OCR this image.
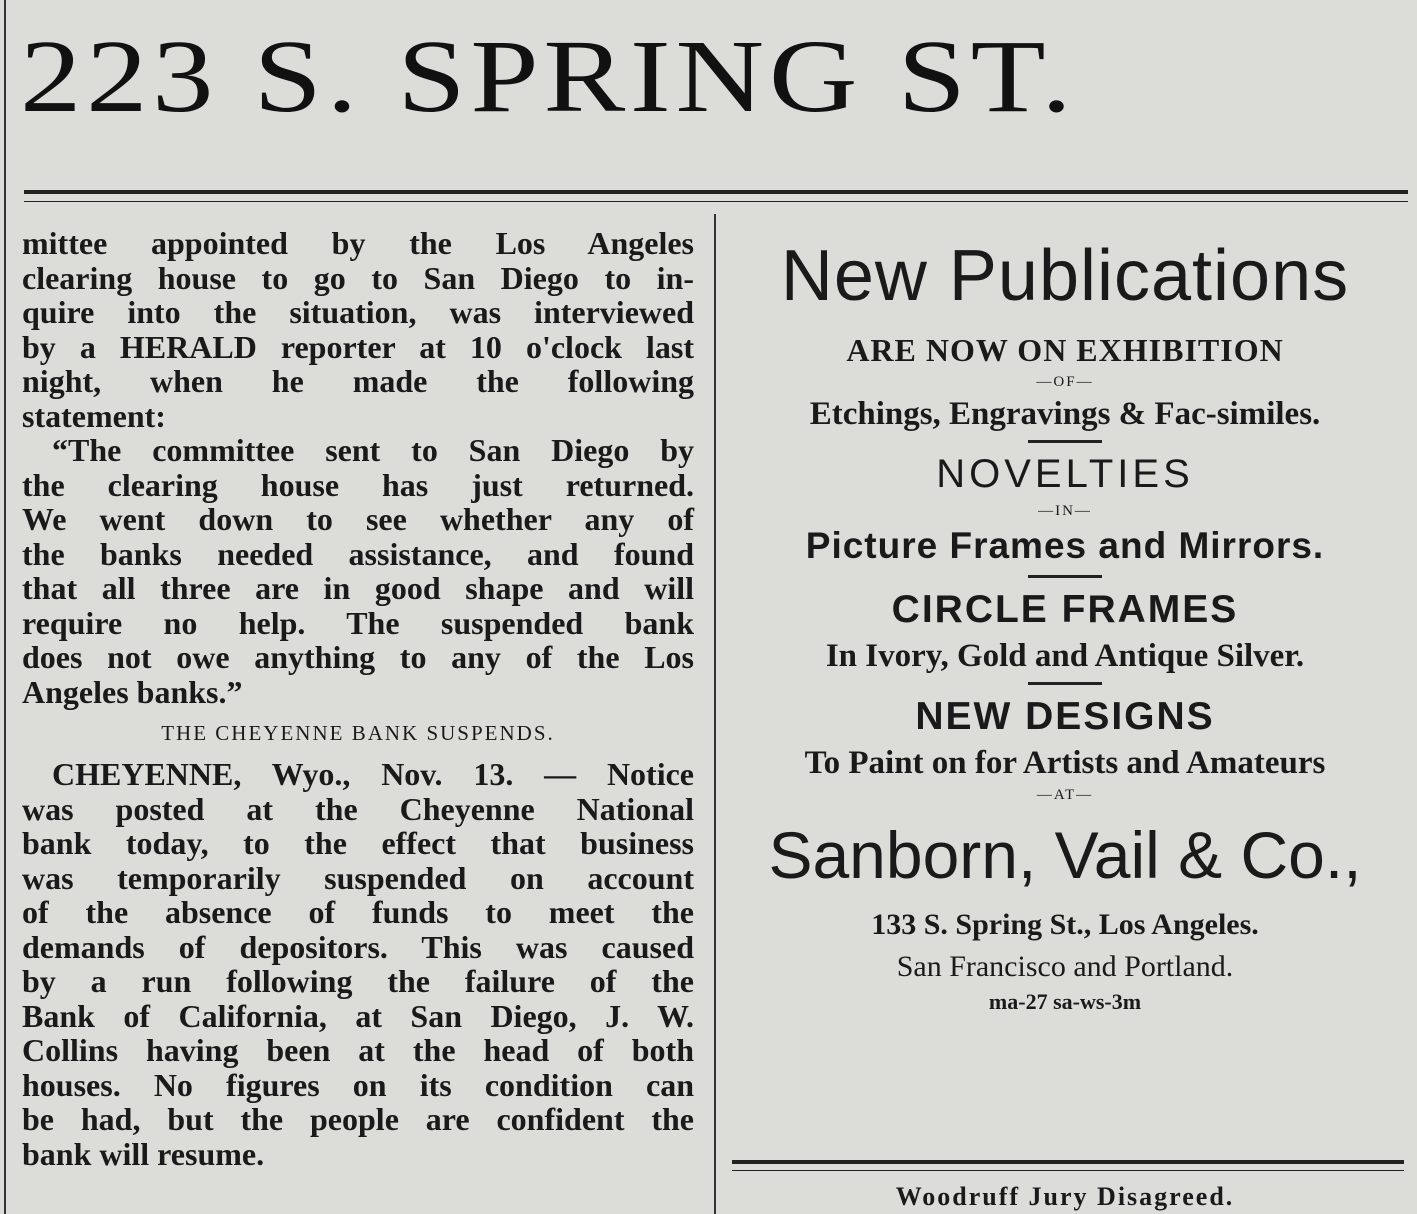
223 S. SPRING ST.
mittee appointed by the Los Angeles
clearing house to go to San Diego to in-
quire into the situation, was interviewed
by a HERALD reporter at 10 o'clock last
night, when he made the following
statement:
“The committee sent to San Diego by
the clearing house has just returned.
We went down to see whether any of
the banks needed assistance, and found
that all three are in good shape and will
require no help. The suspended bank
does not owe anything to any of the Los
Angeles banks.”
THE CHEYENNE BANK SUSPENDS.
CHEYENNE, Wyo., Nov. 13. — Notice
was posted at the Cheyenne National
bank today, to the effect that business
was temporarily suspended on account
of the absence of funds to meet the
demands of depositors. This was caused
by a run following the failure of the
Bank of California, at San Diego, J. W.
Collins having been at the head of both
houses. No figures on its condition can
be had, but the people are confident the
bank will resume.
New Publications
ARE NOW ON EXHIBITION
—OF—
Etchings, Engravings & Fac-similes.
NOVELTIES
—IN—
Picture Frames and Mirrors.
CIRCLE FRAMES
In Ivory, Gold and Antique Silver.
NEW DESIGNS
To Paint on for Artists and Amateurs
—AT—
Sanborn, Vail & Co.,
133 S. Spring St., Los Angeles.
San Francisco and Portland.
ma-27 sa-ws-3m
Woodruff Jury Disagreed.
